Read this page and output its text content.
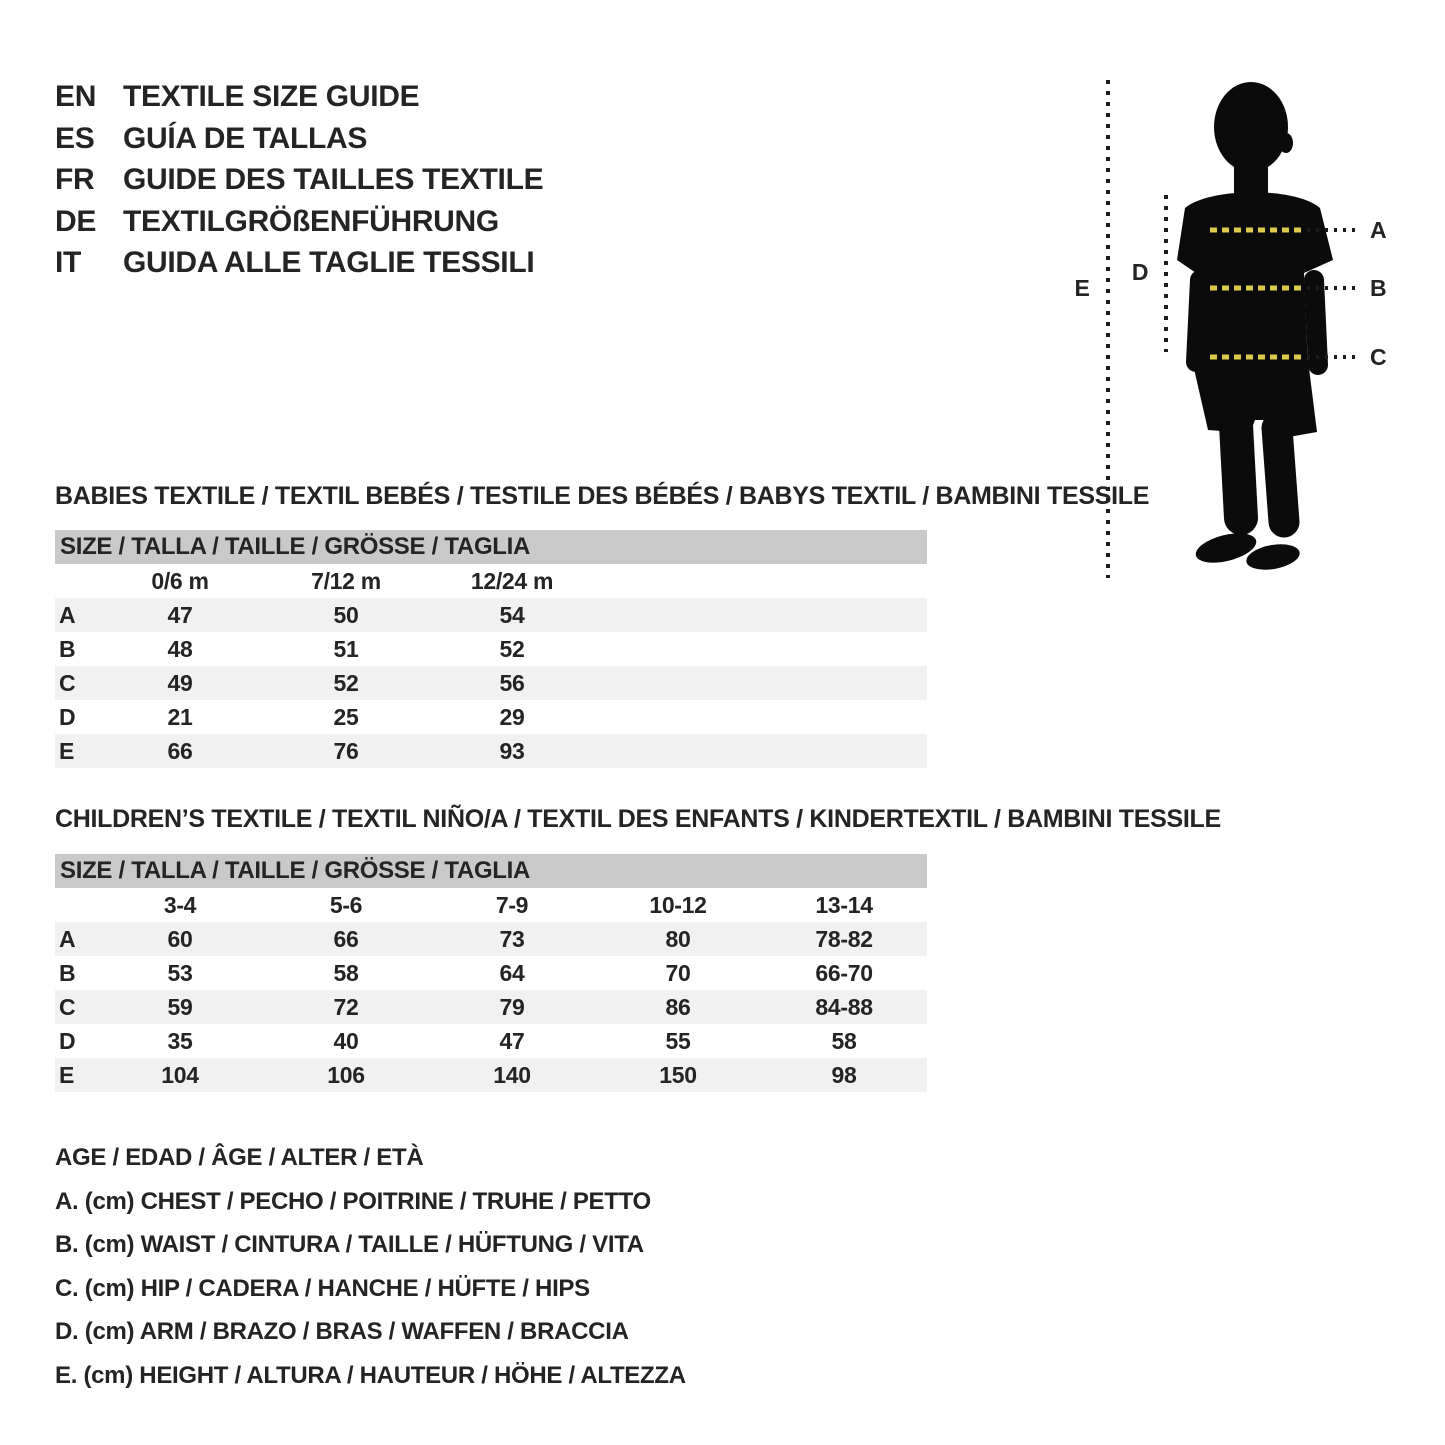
EN TEXTILE SIZE GUIDE
ES GUÍA DE TALLAS
FR GUIDE DES TAILLES TEXTILE
DE TEXTILGRÖßENFÜHRUNG
IT	GUIDA ALLE TAGLIE TESSILI
A
B
C
D
E
BABIES TEXTILE / TEXTIL BEBÉS / TESTILE DES BÉBÉS / BABYS TEXTIL / BAMBINI TESSILE
SIZE / TALLA / TAILLE / GRÖSSE / TAGLIA				
	0/6 m	7/12 m	12/24 m	
A	47	50	54	
B	48	51	52	
C	49	52	56	
D	21	25	29	
E	66	76	93	
CHILDREN’S TEXTILE / TEXTIL NIÑO/A / TEXTIL DES ENFANTS / KINDERTEXTIL / BAMBINI TESSILE
SIZE / TALLA / TAILLE / GRÖSSE / TAGLIA					
	3-4	5-6	7-9	10-12	13-14
A	60	66	73	80	78-82
B	53	58	64	70	66-70
C	59	72	79	86	84-88
D	35	40	47	55	58
E	104	106	140	150	98
AGE / EDAD / ÂGE / ALTER / ETÀ
A. (cm) CHEST / PECHO / POITRINE / TRUHE / PETTO
B. (cm) WAIST / CINTURA / TAILLE / HÜFTUNG / VITA
C. (cm) HIP / CADERA / HANCHE / HÜFTE / HIPS
D. (cm) ARM / BRAZO / BRAS / WAFFEN / BRACCIA
E. (cm) HEIGHT / ALTURA / HAUTEUR / HÖHE / ALTEZZA
